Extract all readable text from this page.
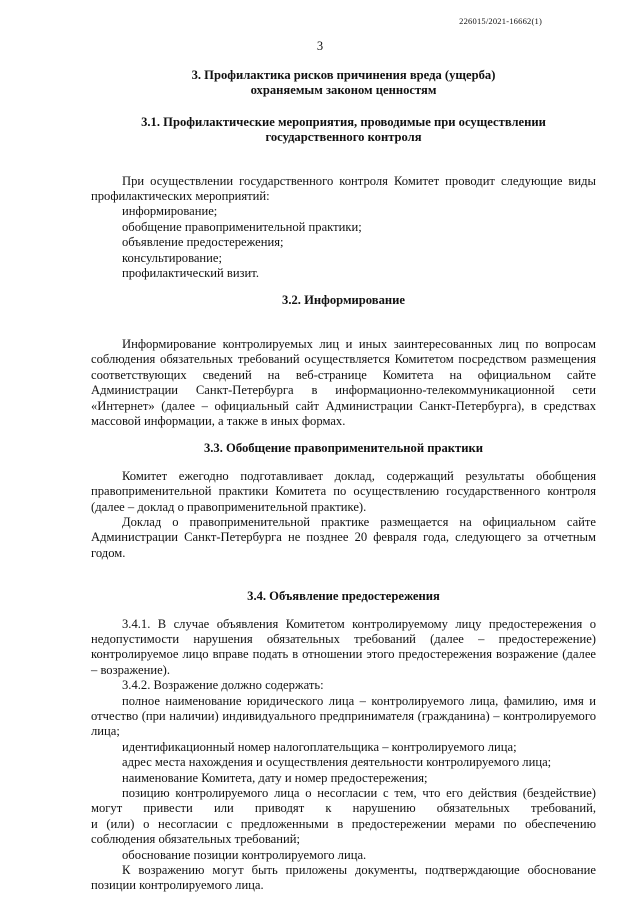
226015/2021-16662(1)
3

3. Профилактика рисков причинения вреда (ущерба)

охраняемым законом ценностям

3.1. Профилактические мероприятия, проводимые при осуществлении

государственного контроля

При осуществлении государственного контроля Комитет проводит следующие виды профилактических мероприятий:

информирование;

обобщение правоприменительной практики;

объявление предостережения;

консультирование;

профилактический визит.

3.2. Информирование

Информирование контролируемых лиц и иных заинтересованных лиц по вопросам соблюдения обязательных требований осуществляется Комитетом посредством размещения соответствующих сведений на веб-странице Комитета на официальном сайте Администрации Санкт-Петербурга в информационно-телекоммуникационной сети «Интернет» (далее – официальный сайт Администрации Санкт-Петербурга), в средствах массовой информации, а также в иных формах.

3.3. Обобщение правоприменительной практики

Комитет ежегодно подготавливает доклад, содержащий результаты обобщения правоприменительной практики Комитета по осуществлению государственного контроля (далее – доклад о правоприменительной практике).

Доклад о правоприменительной практике размещается на официальном сайте Администрации Санкт-Петербурга не позднее 20 февраля года, следующего за отчетным годом.

3.4. Объявление предостережения

3.4.1. В случае объявления Комитетом контролируемому лицу предостережения о недопустимости нарушения обязательных требований (далее – предостережение) контролируемое лицо вправе подать в отношении этого предостережения возражение (далее – возражение).

3.4.2. Возражение должно содержать:

полное наименование юридического лица – контролируемого лица, фамилию, имя и отчество (при наличии) индивидуального предпринимателя (гражданина) – контролируемого лица;

идентификационный номер налогоплательщика – контролируемого лица;

адрес места нахождения и осуществления деятельности контролируемого лица;

наименование Комитета, дату и номер предостережения;

позицию контролируемого лица о несогласии с тем, что его действия (бездействие)

могут привести или приводят к нарушению обязательных требований,

и (или) о несогласии с предложенными в предостережении мерами по обеспечению соблюдения обязательных требований;

обоснование позиции контролируемого лица.

К возражению могут быть приложены документы, подтверждающие обоснование позиции контролируемого лица.
